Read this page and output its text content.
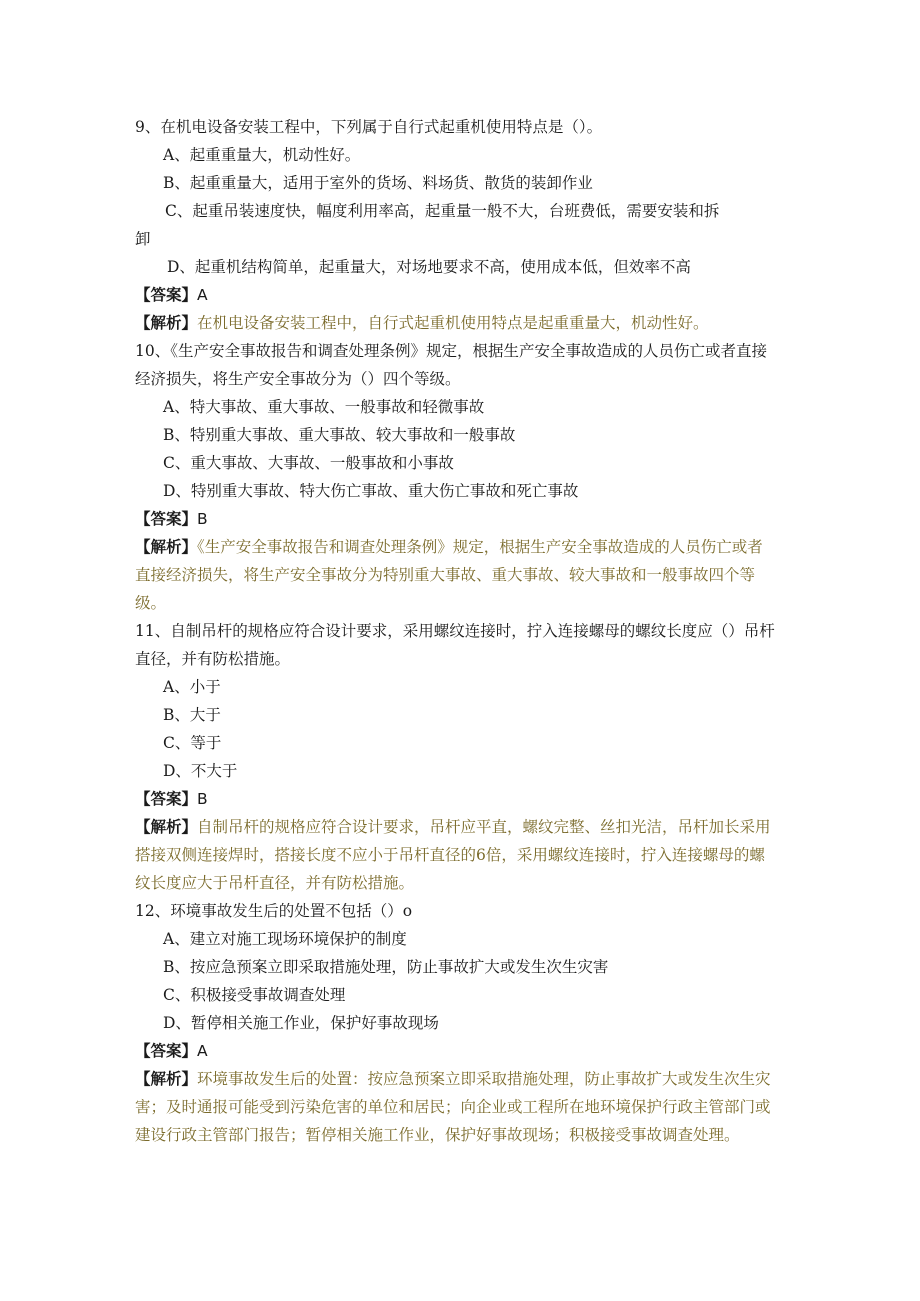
9、在机电设备安装工程中，下列属于自行式起重机使用特点是（）。
A、起重重量大，机动性好。
B、起重重量大，适用于室外的货场、料场货、散货的装卸作业
C、起重吊装速度快，幅度利用率高，起重量一般不大，台班费低，需要安装和拆
卸
D、起重机结构简单，起重量大，对场地要求不高，使用成本低，但效率不高
【答案】A
【解析】在机电设备安装工程中，自行式起重机使用特点是起重重量大，机动性好。
10、《生产安全事故报告和调查处理条例》规定，根据生产安全事故造成的人员伤亡或者直接经济损失，将生产安全事故分为（）四个等级。
A、特大事故、重大事故、一般事故和轻微事故
B、特别重大事故、重大事故、较大事故和一般事故
C、重大事故、大事故、一般事故和小事故
D、特别重大事故、特大伤亡事故、重大伤亡事故和死亡事故
【答案】B
【解析】《生产安全事故报告和调查处理条例》规定，根据生产安全事故造成的人员伤亡或者直接经济损失，将生产安全事故分为特别重大事故、重大事故、较大事故和一般事故四个等级。
11、自制吊杆的规格应符合设计要求，采用螺纹连接时，拧入连接螺母的螺纹长度应（）吊杆直径，并有防松措施。
A、小于
B、大于
C、等于
D、不大于
【答案】B
【解析】自制吊杆的规格应符合设计要求，吊杆应平直，螺纹完整、丝扣光洁，吊杆加长采用搭接双侧连接焊时，搭接长度不应小于吊杆直径的6倍，采用螺纹连接时，拧入连接螺母的螺纹长度应大于吊杆直径，并有防松措施。
12、环境事故发生后的处置不包括（）o
A、建立对施工现场环境保护的制度
B、按应急预案立即采取措施处理，防止事故扩大或发生次生灾害
C、积极接受事故调查处理
D、暂停相关施工作业，保护好事故现场
【答案】A
【解析】环境事故发生后的处置：按应急预案立即采取措施处理，防止事故扩大或发生次生灾害；及时通报可能受到污染危害的单位和居民；向企业或工程所在地环境保护行政主管部门或建设行政主管部门报告；暂停相关施工作业，保护好事故现场；积极接受事故调查处理。
